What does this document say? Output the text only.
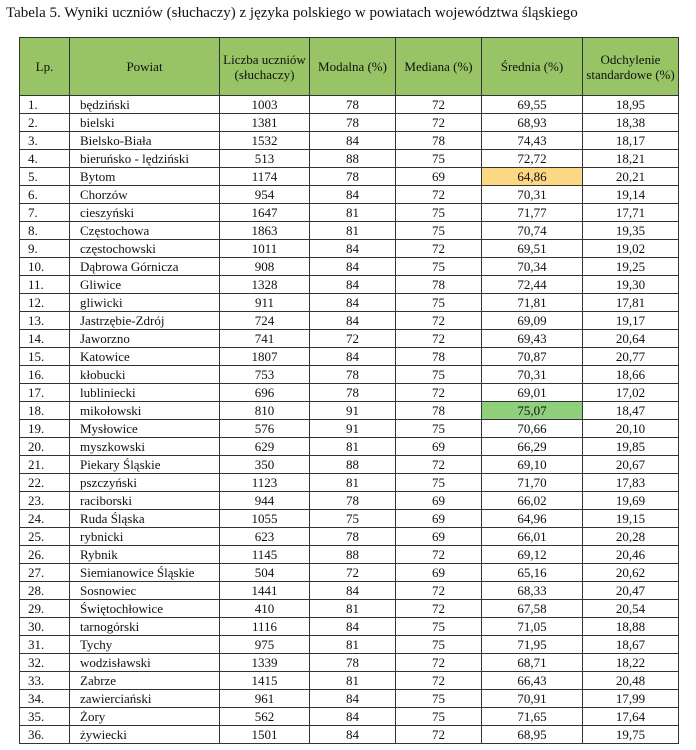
Tabela 5. Wyniki uczniów (słuchaczy) z języka polskiego w powiatach województwa śląskiego
Lp.	Powiat	Liczba uczniów (słuchaczy)	Modalna (%)	Mediana (%)	Średnia (%)	Odchylenie standardowe (%)
1.	będziński	1003	78	72	69,55	18,95
2.	bielski	1381	78	72	68,93	18,38
3.	Bielsko-Biała	1532	84	78	74,43	18,17
4.	bieruńsko - lędziński	513	88	75	72,72	18,21
5.	Bytom	1174	78	69	64,86	20,21
6.	Chorzów	954	84	72	70,31	19,14
7.	cieszyński	1647	81	75	71,77	17,71
8.	Częstochowa	1863	81	75	70,74	19,35
9.	częstochowski	1011	84	72	69,51	19,02
10.	Dąbrowa Górnicza	908	84	75	70,34	19,25
11.	Gliwice	1328	84	78	72,44	19,30
12.	gliwicki	911	84	75	71,81	17,81
13.	Jastrzębie-Zdrój	724	84	72	69,09	19,17
14.	Jaworzno	741	72	72	69,43	20,64
15.	Katowice	1807	84	78	70,87	20,77
16.	kłobucki	753	78	75	70,31	18,66
17.	lubliniecki	696	78	72	69,01	17,02
18.	mikołowski	810	91	78	75,07	18,47
19.	Mysłowice	576	91	75	70,66	20,10
20.	myszkowski	629	81	69	66,29	19,85
21.	Piekary Śląskie	350	88	72	69,10	20,67
22.	pszczyński	1123	81	75	71,70	17,83
23.	raciborski	944	78	69	66,02	19,69
24.	Ruda Śląska	1055	75	69	64,96	19,15
25.	rybnicki	623	78	69	66,01	20,28
26.	Rybnik	1145	88	72	69,12	20,46
27.	Siemianowice Śląskie	504	72	69	65,16	20,62
28.	Sosnowiec	1441	84	72	68,33	20,47
29.	Świętochłowice	410	81	72	67,58	20,54
30.	tarnogórski	1116	84	75	71,05	18,88
31.	Tychy	975	81	75	71,95	18,67
32.	wodzisławski	1339	78	72	68,71	18,22
33.	Zabrze	1415	81	72	66,43	20,48
34.	zawierciański	961	84	75	70,91	17,99
35.	Żory	562	84	75	71,65	17,64
36.	żywiecki	1501	84	72	68,95	19,75
